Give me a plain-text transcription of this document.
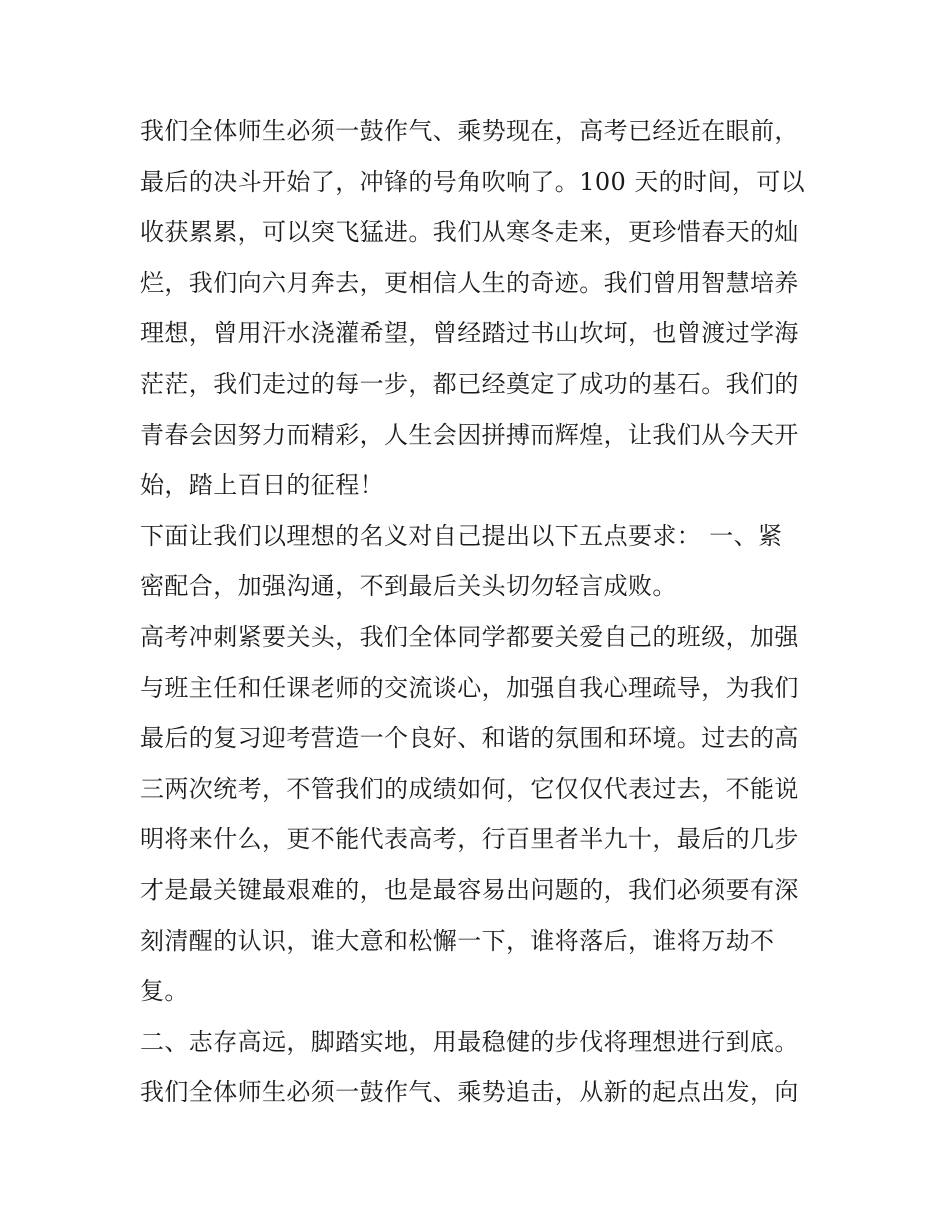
我们全体师生必须一鼓作气、乘势现在，高考已经近在眼前，
最后的决斗开始了，冲锋的号角吹响了。100 天的时间，可以
收获累累，可以突飞猛进。我们从寒冬走来，更珍惜春天的灿
烂，我们向六月奔去，更相信人生的奇迹。我们曾用智慧培养
理想，曾用汗水浇灌希望，曾经踏过书山坎坷，也曾渡过学海
茫茫，我们走过的每一步，都已经奠定了成功的基石。我们的
青春会因努力而精彩，人生会因拼搏而辉煌，让我们从今天开
始，踏上百日的征程！
下面让我们以理想的名义对自己提出以下五点要求： 一、紧
密配合，加强沟通，不到最后关头切勿轻言成败。
高考冲刺紧要关头，我们全体同学都要关爱自己的班级，加强
与班主任和任课老师的交流谈心，加强自我心理疏导，为我们
最后的复习迎考营造一个良好、和谐的氛围和环境。过去的高
三两次统考，不管我们的成绩如何，它仅仅代表过去，不能说
明将来什么，更不能代表高考，行百里者半九十，最后的几步
才是最关键最艰难的，也是最容易出问题的，我们必须要有深
刻清醒的认识，谁大意和松懈一下，谁将落后，谁将万劫不
复。
二、志存高远，脚踏实地，用最稳健的步伐将理想进行到底。
我们全体师生必须一鼓作气、乘势追击，从新的起点出发，向
